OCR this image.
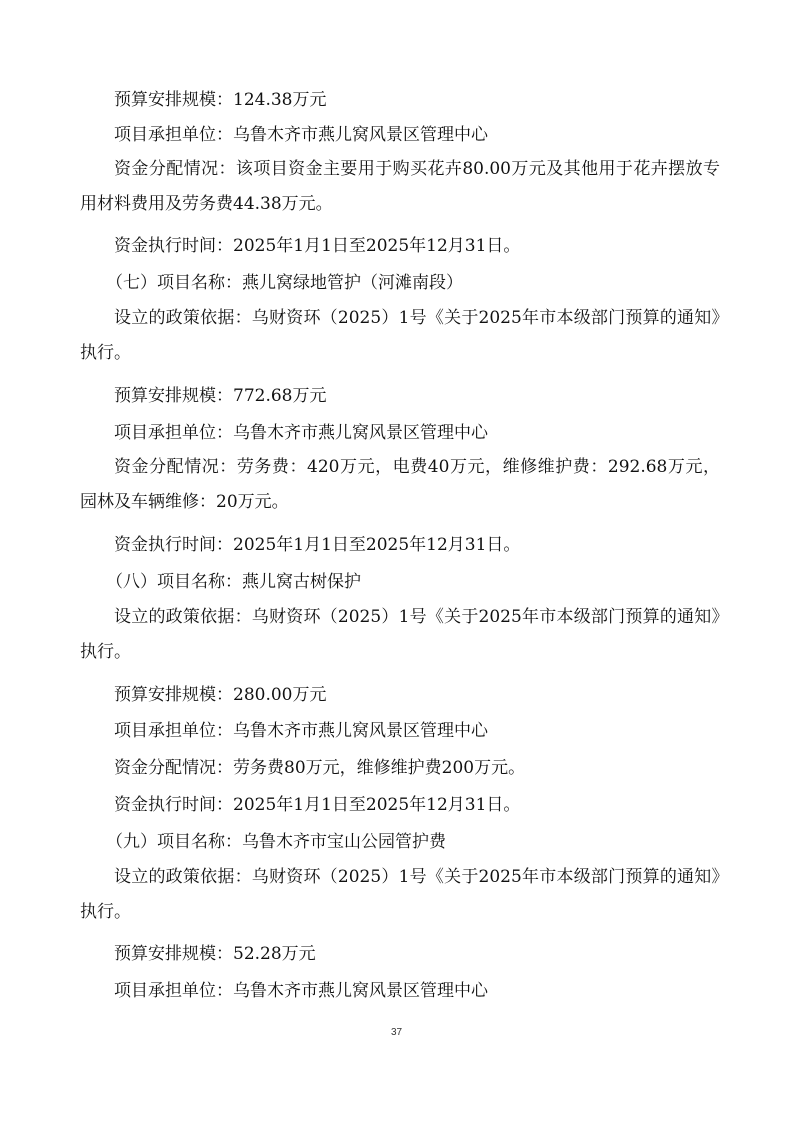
预算安排规模：124.38万元
项目承担单位：乌鲁木齐市燕儿窝风景区管理中心
资金分配情况：该项目资金主要用于购买花卉80.00万元及其他用于花卉摆放专用材料费用及劳务费44.38万元。
资金执行时间：2025年1月1日至2025年12月31日。
（七）项目名称：燕儿窝绿地管护（河滩南段）
设立的政策依据：乌财资环（2025）1号《关于2025年市本级部门预算的通知》执行。
预算安排规模：772.68万元
项目承担单位：乌鲁木齐市燕儿窝风景区管理中心
资金分配情况：劳务费：420万元，电费40万元，维修维护费：292.68万元，园林及车辆维修：20万元。
资金执行时间：2025年1月1日至2025年12月31日。
（八）项目名称：燕儿窝古树保护
设立的政策依据：乌财资环（2025）1号《关于2025年市本级部门预算的通知》执行。
预算安排规模：280.00万元
项目承担单位：乌鲁木齐市燕儿窝风景区管理中心
资金分配情况：劳务费80万元，维修维护费200万元。
资金执行时间：2025年1月1日至2025年12月31日。
（九）项目名称：乌鲁木齐市宝山公园管护费
设立的政策依据：乌财资环（2025）1号《关于2025年市本级部门预算的通知》执行。
预算安排规模：52.28万元
项目承担单位：乌鲁木齐市燕儿窝风景区管理中心
37
